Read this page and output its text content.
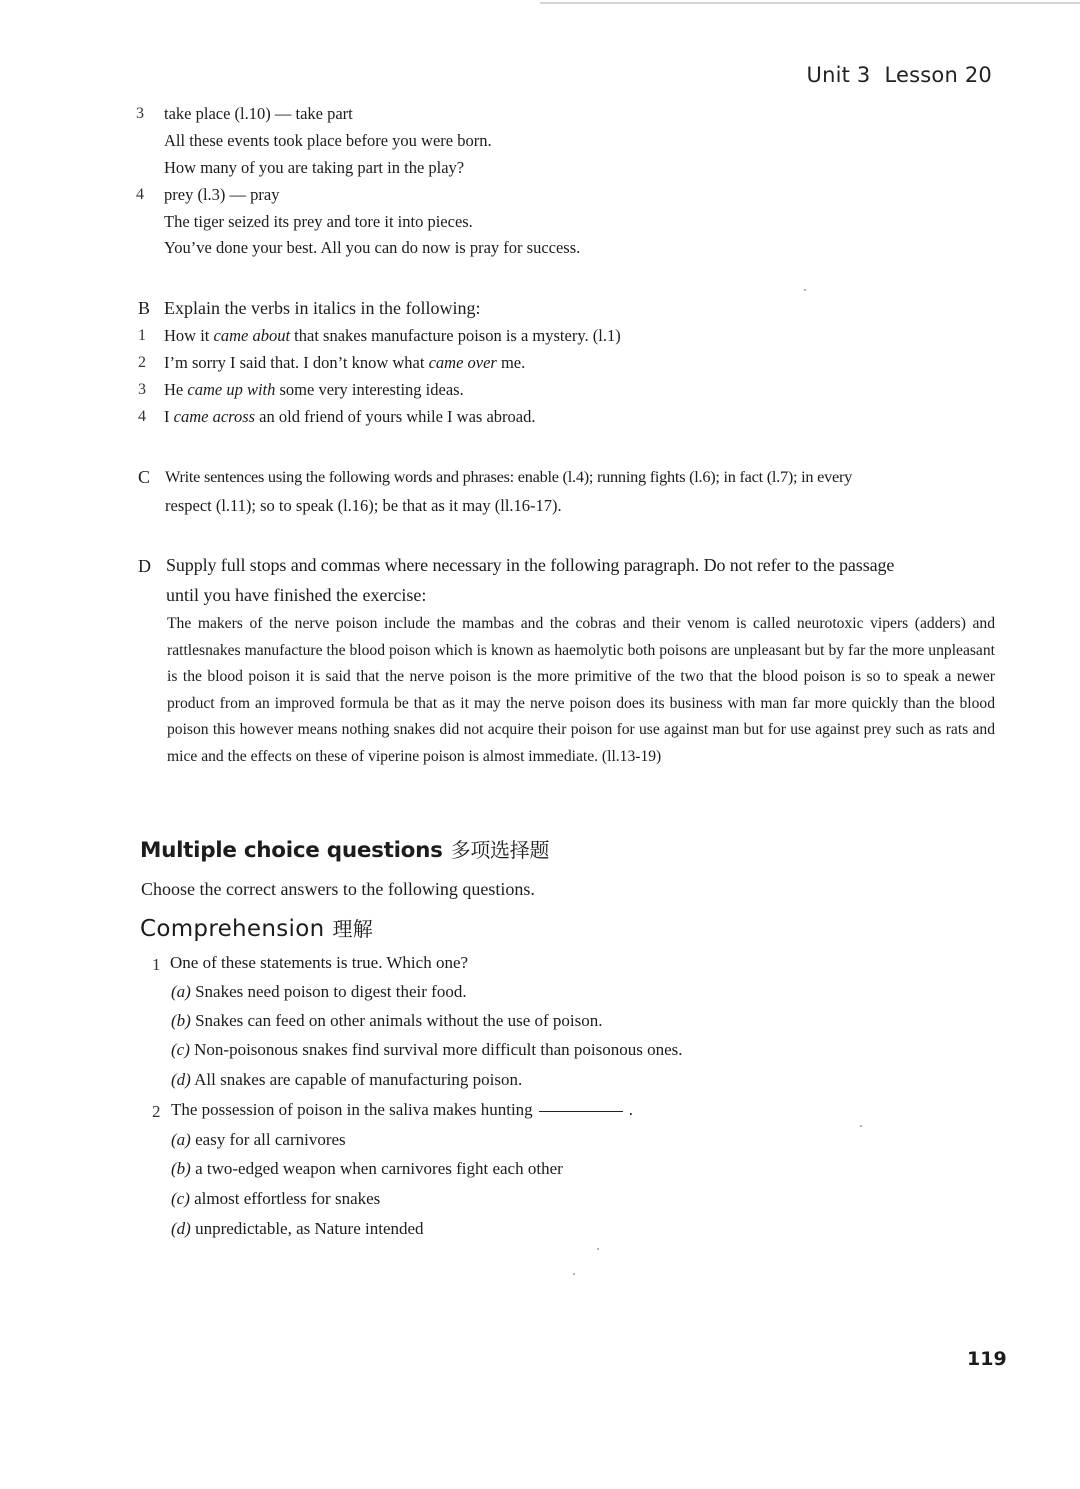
Unit 3 Lesson 20
3 take place (l.10) — take part
All these events took place before you were born.
How many of you are taking part in the play?
4 prey (l.3) — pray
The tiger seized its prey and tore it into pieces.
You’ve done your best. All you can do now is pray for success.
B Explain the verbs in italics in the following:
1 How it came about that snakes manufacture poison is a mystery. (l.1)
2 I’m sorry I said that. I don’t know what came over me.
3 He came up with some very interesting ideas.
4 I came across an old friend of yours while I was abroad.
C Write sentences using the following words and phrases: enable (l.4); running fights (l.6); in fact (l.7); in every
respect (l.11); so to speak (l.16); be that as it may (ll.16-17).
D Supply full stops and commas where necessary in the following paragraph. Do not refer to the passage
until you have finished the exercise:
The makers of the nerve poison include the mambas and the cobras and their venom is called neurotoxic vipers (adders) and rattlesnakes manufacture the blood poison which is known as haemolytic both poisons are unpleasant but by far the more unpleasant is the blood poison it is said that the nerve poison is the more primitive of the two that the blood poison is so to speak a newer product from an improved formula be that as it may the nerve poison does its business with man far more quickly than the blood poison this however means nothing snakes did not acquire their poison for use against man but for use against prey such as rats and mice and the effects on these of viperine poison is almost immediate. (ll.13-19)
Multiple choice questions 多项选择题
Choose the correct answers to the following questions.
Comprehension 理解
1 One of these statements is true. Which one?
(a) Snakes need poison to digest their food.
(b) Snakes can feed on other animals without the use of poison.
(c) Non-poisonous snakes find survival more difficult than poisonous ones.
(d) All snakes are capable of manufacturing poison.
2 The possession of poison in the saliva makes hunting	.
(a) easy for all carnivores
(b) a two-edged weapon when carnivores fight each other
(c) almost effortless for snakes
(d) unpredictable, as Nature intended
119
